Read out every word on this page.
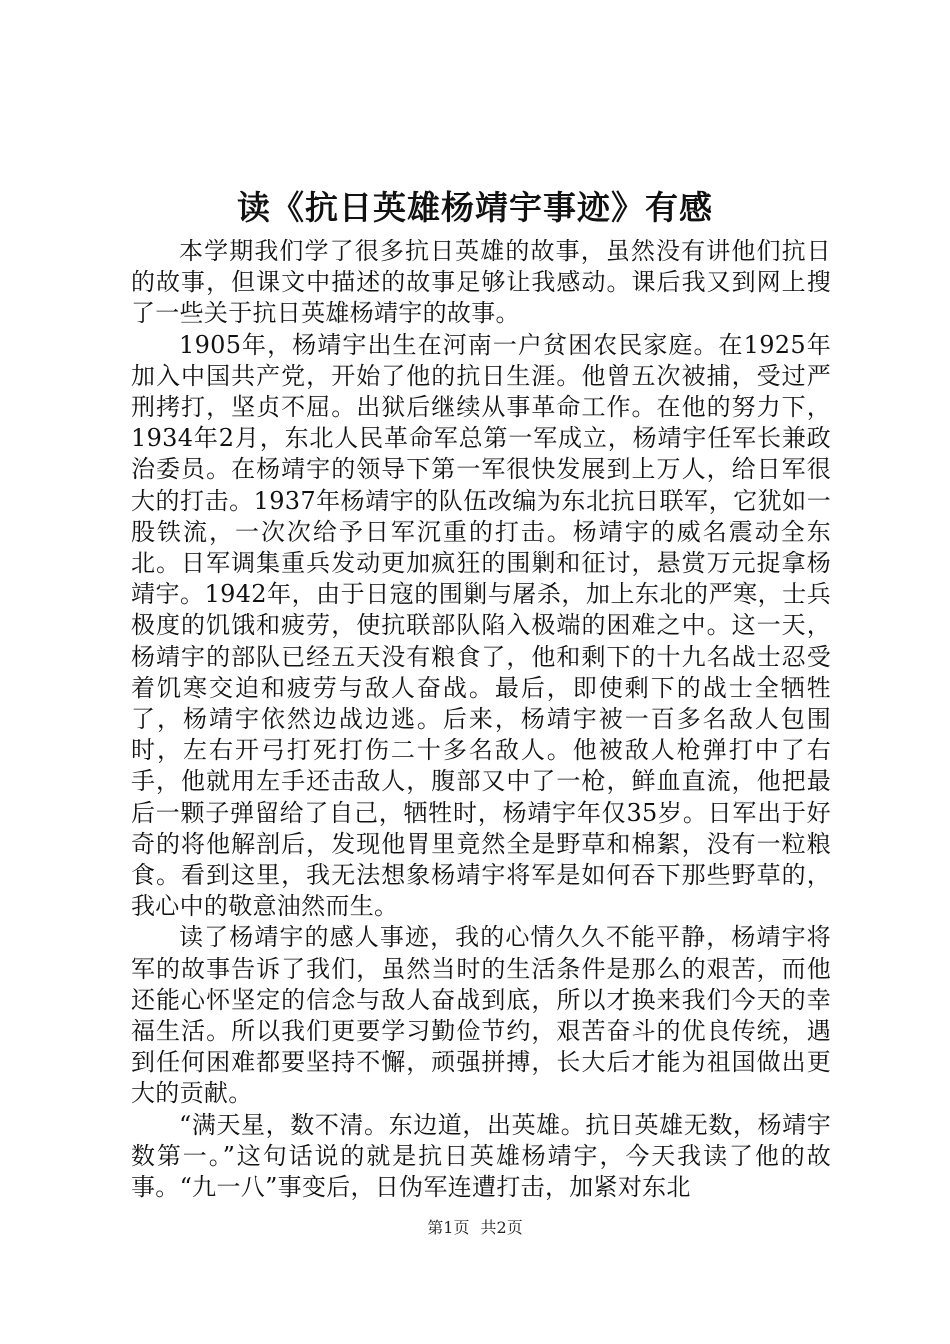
读《抗日英雄杨靖宇事迹》有感

本学期我们学了很多抗日英雄的故事，虽然没有讲他们抗日的故事，但课文中描述的故事足够让我感动。课后我又到网上搜了一些关于抗日英雄杨靖宇的故事。

1905年，杨靖宇出生在河南一户贫困农民家庭。在1925年加入中国共产党，开始了他的抗日生涯。他曾五次被捕，受过严刑拷打，坚贞不屈。出狱后继续从事革命工作。在他的努力下，1934年2月，东北人民革命军总第一军成立，杨靖宇任军长兼政治委员。在杨靖宇的领导下第一军很快发展到上万人，给日军很大的打击。1937年杨靖宇的队伍改编为东北抗日联军，它犹如一股铁流，一次次给予日军沉重的打击。杨靖宇的威名震动全东北。日军调集重兵发动更加疯狂的围剿和征讨，悬赏万元捉拿杨靖宇。1942年，由于日寇的围剿与屠杀，加上东北的严寒，士兵极度的饥饿和疲劳，使抗联部队陷入极端的困难之中。这一天，杨靖宇的部队已经五天没有粮食了，他和剩下的十九名战士忍受着饥寒交迫和疲劳与敌人奋战。最后，即使剩下的战士全牺牲了，杨靖宇依然边战边逃。后来，杨靖宇被一百多名敌人包围时，左右开弓打死打伤二十多名敌人。他被敌人枪弹打中了右手，他就用左手还击敌人，腹部又中了一枪，鲜血直流，他把最后一颗子弹留给了自己，牺牲时，杨靖宇年仅35岁。日军出于好奇的将他解剖后，发现他胃里竟然全是野草和棉絮，没有一粒粮食。看到这里，我无法想象杨靖宇将军是如何吞下那些野草的，我心中的敬意油然而生。

读了杨靖宇的感人事迹，我的心情久久不能平静，杨靖宇将军的故事告诉了我们，虽然当时的生活条件是那么的艰苦，而他还能心怀坚定的信念与敌人奋战到底，所以才换来我们今天的幸福生活。所以我们更要学习勤俭节约，艰苦奋斗的优良传统，遇到任何困难都要坚持不懈，顽强拼搏，长大后才能为祖国做出更大的贡献。

“满天星，数不清。东边道，出英雄。抗日英雄无数，杨靖宇数第一。”这句话说的就是抗日英雄杨靖宇，今天我读了他的故事。“九一八”事变后，日伪军连遭打击，加紧对东北

第1页 共2页
